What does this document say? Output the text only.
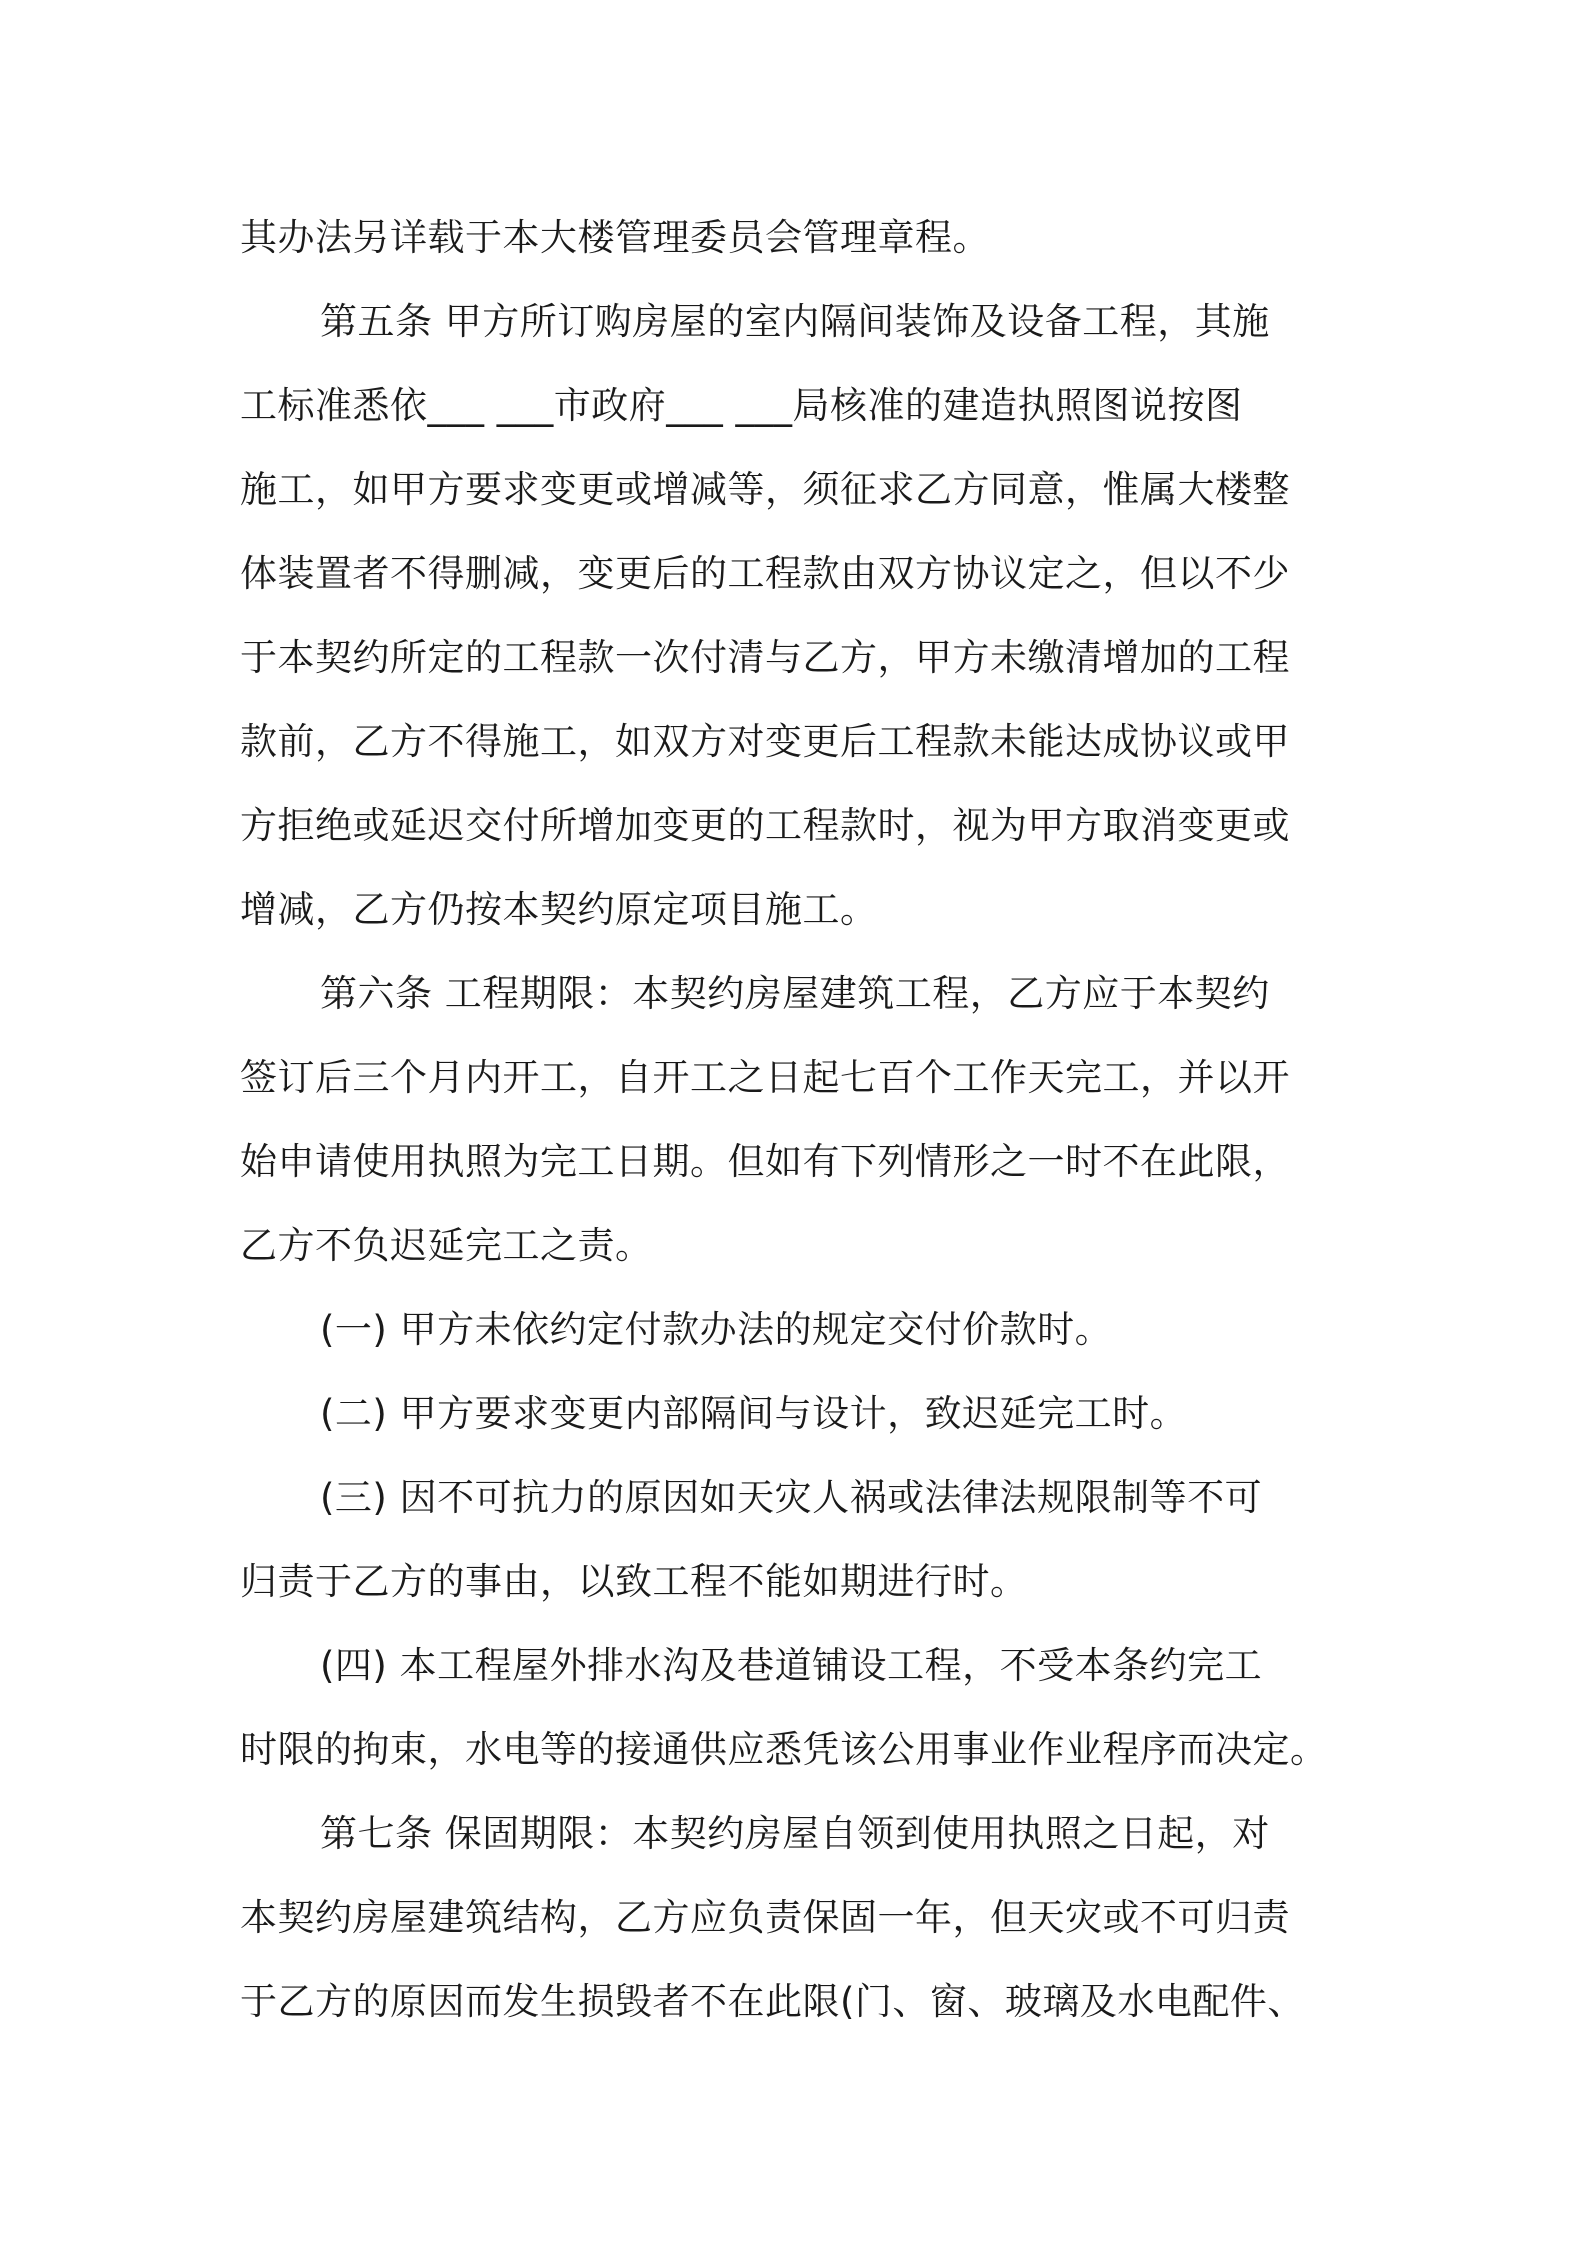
其办法另详载于本大楼管理委员会管理章程。
第五条 甲方所订购房屋的室内隔间装饰及设备工程，其施
工标准悉依___ ___市政府___ ___局核准的建造执照图说按图
施工，如甲方要求变更或增减等，须征求乙方同意，惟属大楼整
体装置者不得删减，变更后的工程款由双方协议定之，但以不少
于本契约所定的工程款一次付清与乙方，甲方未缴清增加的工程
款前，乙方不得施工，如双方对变更后工程款未能达成协议或甲
方拒绝或延迟交付所增加变更的工程款时，视为甲方取消变更或
增减，乙方仍按本契约原定项目施工。
第六条 工程期限：本契约房屋建筑工程，乙方应于本契约
签订后三个月内开工，自开工之日起七百个工作天完工，并以开
始申请使用执照为完工日期。但如有下列情形之一时不在此限，
乙方不负迟延完工之责。
(一) 甲方未依约定付款办法的规定交付价款时。
(二) 甲方要求变更内部隔间与设计，致迟延完工时。
(三) 因不可抗力的原因如天灾人祸或法律法规限制等不可
归责于乙方的事由，以致工程不能如期进行时。
(四) 本工程屋外排水沟及巷道铺设工程，不受本条约完工
时限的拘束，水电等的接通供应悉凭该公用事业作业程序而决定。
第七条 保固期限：本契约房屋自领到使用执照之日起，对
本契约房屋建筑结构，乙方应负责保固一年，但天灾或不可归责
于乙方的原因而发生损毁者不在此限(门、窗、玻璃及水电配件、
